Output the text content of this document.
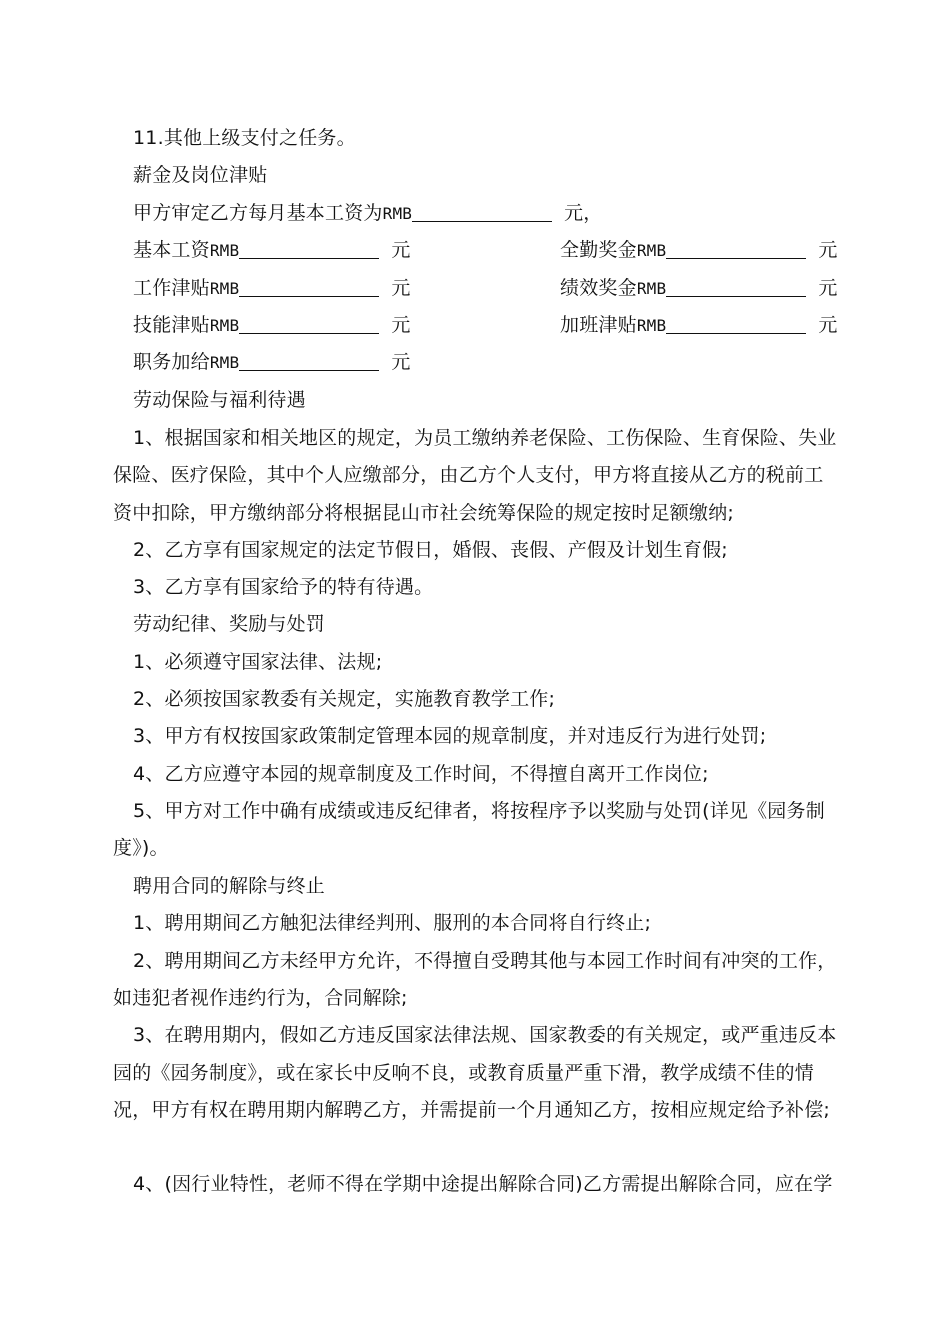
11.其他上级支付之任务。
薪金及岗位津贴
甲方审定乙方每月基本工资为RMB	元，
基本工资RMB	元	全勤奖金RMB	元
工作津贴RMB	元	绩效奖金RMB	元
技能津贴RMB	元	加班津贴RMB	元
职务加给RMB	元
劳动保险与福利待遇
1、根据国家和相关地区的规定，为员工缴纳养老保险、工伤保险、生育保险、失业
保险、医疗保险，其中个人应缴部分，由乙方个人支付，甲方将直接从乙方的税前工
资中扣除，甲方缴纳部分将根据昆山市社会统筹保险的规定按时足额缴纳;
2、乙方享有国家规定的法定节假日，婚假、丧假、产假及计划生育假;
3、乙方享有国家给予的特有待遇。
劳动纪律、奖励与处罚
1、必须遵守国家法律、法规;
2、必须按国家教委有关规定，实施教育教学工作;
3、甲方有权按国家政策制定管理本园的规章制度，并对违反行为进行处罚;
4、乙方应遵守本园的规章制度及工作时间，不得擅自离开工作岗位;
5、甲方对工作中确有成绩或违反纪律者，将按程序予以奖励与处罚(详见《园务制
度》)。
聘用合同的解除与终止
1、聘用期间乙方触犯法律经判刑、服刑的本合同将自行终止;
2、聘用期间乙方未经甲方允许，不得擅自受聘其他与本园工作时间有冲突的工作，
如违犯者视作违约行为，合同解除;
3、在聘用期内，假如乙方违反国家法律法规、国家教委的有关规定，或严重违反本
园的《园务制度》，或在家长中反响不良，或教育质量严重下滑，教学成绩不佳的情
况，甲方有权在聘用期内解聘乙方，并需提前一个月通知乙方，按相应规定给予补偿;
4、(因行业特性，老师不得在学期中途提出解除合同)乙方需提出解除合同，应在学
